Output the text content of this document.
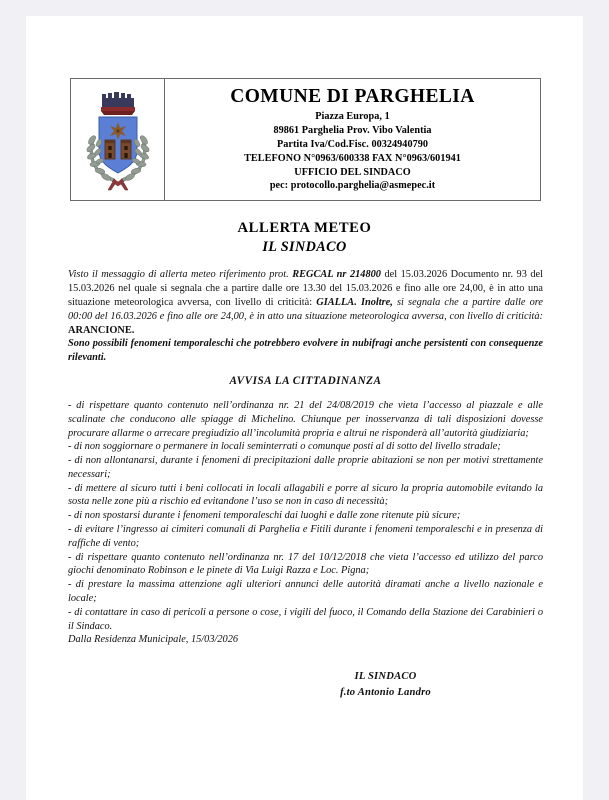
COMUNE DI PARGHELIA
Piazza Europa, 1
89861 Parghelia Prov. Vibo Valentia
Partita Iva/Cod.Fisc. 00324940790
TELEFONO N°0963/600338 FAX N°0963/601941
UFFICIO DEL SINDACO
pec: protocollo.parghelia@asmepec.it
ALLERTA METEO
IL SINDACO

Visto il messaggio di allerta meteo riferimento prot. REGCAL nr 214800 del 15.03.2026 Documento nr. 93 del 15.03.2026 nel quale si segnala che a partire dalle ore 13.30 del 15.03.2026 e fino alle ore 24,00, è in atto una situazione meteorologica avversa, con livello di criticità: GIALLA. Inoltre, si segnala che a partire dalle ore 00:00 del 16.03.2026 e fino alle ore 24,00, è in atto una situazione meteorologica avversa, con livello di criticità: ARANCIONE.

Sono possibili fenomeni temporaleschi che potrebbero evolvere in nubifragi anche persistenti con consequenze rilevanti.

AVVISA LA CITTADINANZA

- di rispettare quanto contenuto nell’ordinanza nr. 21 del 24/08/2019 che vieta l’accesso al piazzale e alle scalinate che conducono alle spiagge di Michelino. Chiunque per inosservanza di tali disposizioni dovesse procurare allarme o arrecare pregiudizio all’incolumità propria e altrui ne risponderà all’autorità giudiziaria;

- di non soggiornare o permanere in locali seminterrati o comunque posti al di sotto del livello stradale;

- di non allontanarsi, durante i fenomeni di precipitazioni dalle proprie abitazioni se non per motivi strettamente necessari;

- di mettere al sicuro tutti i beni collocati in locali allagabili e porre al sicuro la propria automobile evitando la sosta nelle zone più a rischio ed evitandone l’uso se non in caso di necessità;

- di non spostarsi durante i fenomeni temporaleschi dai luoghi e dalle zone ritenute più sicure;

- di evitare l’ingresso ai cimiteri comunali di Parghelia e Fitili durante i fenomeni temporaleschi e in presenza di raffiche di vento;

- di rispettare quanto contenuto nell’ordinanza nr. 17 del 10/12/2018 che vieta l’accesso ed utilizzo del parco giochi denominato Robinson e le pinete di Via Luigi Razza e Loc. Pigna;

- di prestare la massima attenzione agli ulteriori annunci delle autorità diramati anche a livello nazionale e locale;

- di contattare in caso di pericoli a persone o cose, i vigili del fuoco, il Comando della Stazione dei Carabinieri o il Sindaco.

Dalla Residenza Municipale, 15/03/2026

IL SINDACO
f.to Antonio Landro
